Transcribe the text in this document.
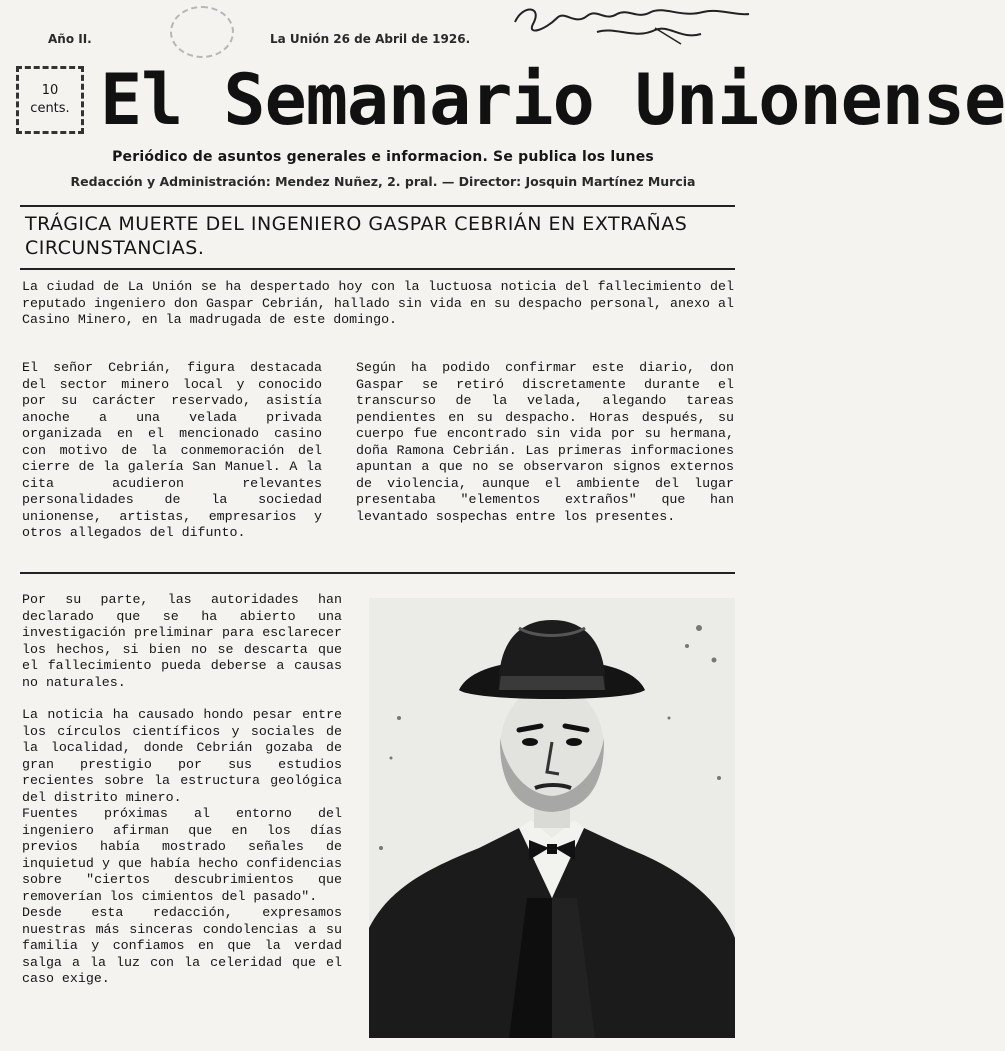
Año II.	La Unión 26 de Abril de 1926.
10
cents. El Semanario Unionense
Periódico de asuntos generales e informacion. Se publica los lunes
Redacción y Administración: Mendez Nuñez, 2. pral. — Director: Josquin Martínez Murcia
TRÁGICA MUERTE DEL INGENIERO GASPAR CEBRIÁN EN EXTRAÑAS CIRCUNSTANCIAS.

La ciudad de La Unión se ha despertado hoy con la luctuosa noticia del fallecimiento del reputado ingeniero don Gaspar Cebrián, hallado sin vida en su despacho personal, anexo al Casino Minero, en la madrugada de este domingo.

El señor Cebrián, figura destacada del sector minero local y conocido por su carácter reservado, asistía anoche a una velada privada organizada en el mencionado casino con motivo de la conmemoración del cierre de la galería San Manuel. A la cita acudieron relevantes personalidades de la sociedad unionense, artistas, empresarios y otros allegados del difunto.

Según ha podido confirmar este diario, don Gaspar se retiró discretamente durante el transcurso de la velada, alegando tareas pendientes en su despacho. Horas después, su cuerpo fue encontrado sin vida por su hermana, doña Ramona Cebrián. Las primeras informaciones apuntan a que no se observaron signos externos de violencia, aunque el ambiente del lugar presentaba "elementos extraños" que han levantado sospechas entre los presentes.

Por su parte, las autoridades han declarado que se ha abierto una investigación preliminar para esclarecer los hechos, si bien no se descarta que el fallecimiento pueda deberse a causas no naturales.

La noticia ha causado hondo pesar entre los círculos científicos y sociales de la localidad, donde Cebrián gozaba de gran prestigio por sus estudios recientes sobre la estructura geológica del distrito minero.

Fuentes próximas al entorno del ingeniero afirman que en los días previos había mostrado señales de inquietud y que había hecho confidencias sobre "ciertos descubrimientos que removerían los cimientos del pasado".

Desde esta redacción, expresamos nuestras más sinceras condolencias a su familia y confiamos en que la verdad salga a la luz con la celeridad que el caso exige.
